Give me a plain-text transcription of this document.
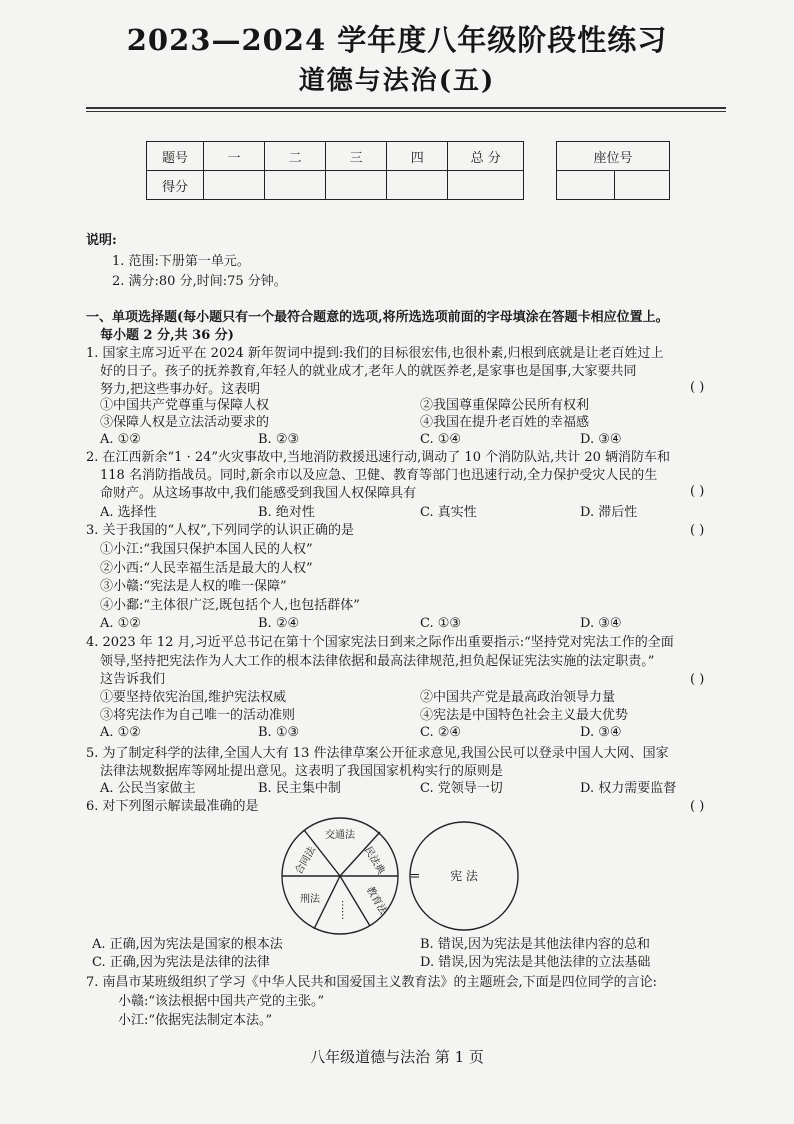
2023—2024 学年度八年级阶段性练习
道德与法治(五)
题号	一	二	三	四	总 分
得分					
座位号

说明:
1. 范围:下册第一单元。
2. 满分:80 分,时间:75 分钟。
一、单项选择题(每小题只有一个最符合题意的选项,将所选选项前面的字母填涂在答题卡相应位置上。
每小题 2 分,共 36 分)
1. 国家主席习近平在 2024 新年贺词中提到:我们的目标很宏伟,也很朴素,归根到底就是让老百姓过上
好的日子。孩子的抚养教育,年轻人的就业成才,老年人的就医养老,是家事也是国事,大家要共同
努力,把这些事办好。这表明	( )
①中国共产党尊重与保障人权	②我国尊重保障公民所有权利
③保障人权是立法活动要求的	④我国在提升老百姓的幸福感
A. ①②	B. ②③	C. ①④	D. ③④
2. 在江西新余“1 · 24”火灾事故中,当地消防救援迅速行动,调动了 10 个消防队站,共计 20 辆消防车和
118 名消防指战员。同时,新余市以及应急、卫健、教育等部门也迅速行动,全力保护受灾人民的生
命财产。从这场事故中,我们能感受到我国人权保障具有	( )
A. 选择性	B. 绝对性	C. 真实性	D. 滞后性
3. 关于我国的“人权”,下列同学的认识正确的是	( )
①小江:“我国只保护本国人民的人权”
②小西:“人民幸福生活是最大的人权”
③小赣:“宪法是人权的唯一保障”
④小鄱:“主体很广泛,既包括个人,也包括群体”
A. ①②	B. ②④	C. ①③	D. ③④
4. 2023 年 12 月,习近平总书记在第十个国家宪法日到来之际作出重要指示:“坚持党对宪法工作的全面
领导,坚持把宪法作为人大工作的根本法律依据和最高法律规范,担负起保证宪法实施的法定职责。”
这告诉我们	( )
①要坚持依宪治国,维护宪法权威	②中国共产党是最高政治领导力量
③将宪法作为自己唯一的活动准则	④宪法是中国特色社会主义最大优势
A. ①②	B. ①③	C. ②④	D. ③④
5. 为了制定科学的法律,全国人大有 13 件法律草案公开征求意见,我国公民可以登录中国人大网、国家
法律法规数据库等网址提出意见。这表明了我国国家机构实行的原则是
A. 公民当家做主	B. 民主集中制	C. 党领导一切	D. 权力需要监督
6. 对下列图示解读最准确的是	( )
交通法
合同法	民法典
刑法
…… 教育法
= 宪 法
A. 正确,因为宪法是国家的根本法	B. 错误,因为宪法是其他法律内容的总和
C. 正确,因为宪法是法律的法律	D. 错误,因为宪法是其他法律的立法基础
7. 南昌市某班级组织了学习《中华人民共和国爱国主义教育法》的主题班会,下面是四位同学的言论:
小赣:“该法根据中国共产党的主张。”
小江:“依据宪法制定本法。”
八年级道德与法治 第 1 页
